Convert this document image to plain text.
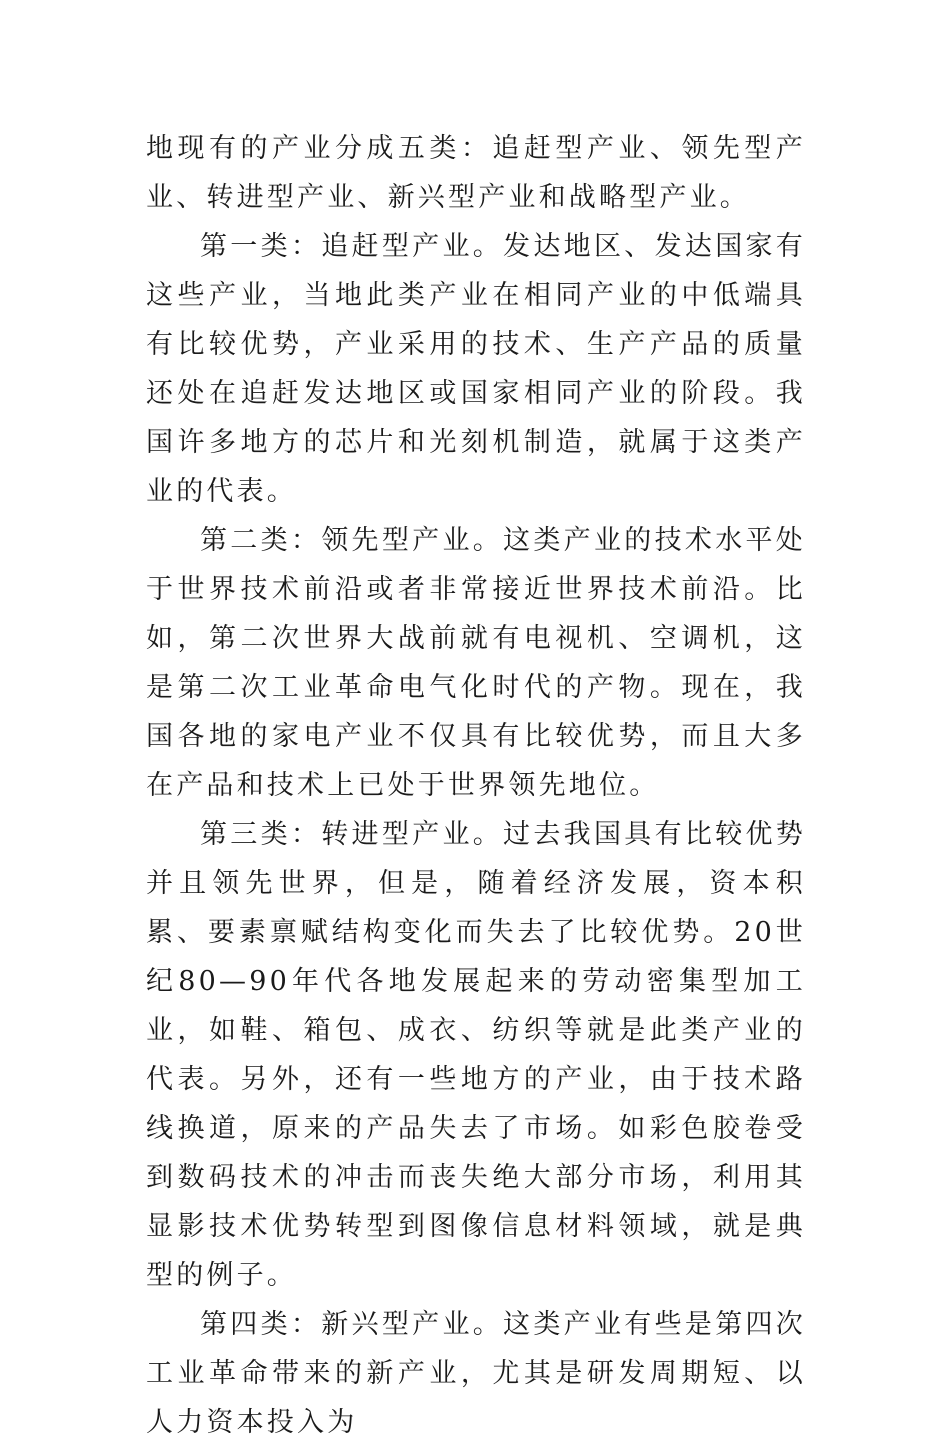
地现有的产业分成五类：追赶型产业、领先型产业、转进型产业、新兴型产业和战略型产业。

第一类：追赶型产业。发达地区、发达国家有这些产业，当地此类产业在相同产业的中低端具有比较优势，产业采用的技术、生产产品的质量还处在追赶发达地区或国家相同产业的阶段。我国许多地方的芯片和光刻机制造，就属于这类产业的代表。

第二类：领先型产业。这类产业的技术水平处于世界技术前沿或者非常接近世界技术前沿。比如，第二次世界大战前就有电视机、空调机，这是第二次工业革命电气化时代的产物。现在，我国各地的家电产业不仅具有比较优势，而且大多在产品和技术上已处于世界领先地位。

第三类：转进型产业。过去我国具有比较优势并且领先世界，但是，随着经济发展，资本积累、要素禀赋结构变化而失去了比较优势。20世纪80—90年代各地发展起来的劳动密集型加工业，如鞋、箱包、成衣、纺织等就是此类产业的代表。另外，还有一些地方的产业，由于技术路线换道，原来的产品失去了市场。如彩色胶卷受到数码技术的冲击而丧失绝大部分市场，利用其显影技术优势转型到图像信息材料领域，就是典型的例子。

第四类：新兴型产业。这类产业有些是第四次工业革命带来的新产业，尤其是研发周期短、以人力资本投入为
